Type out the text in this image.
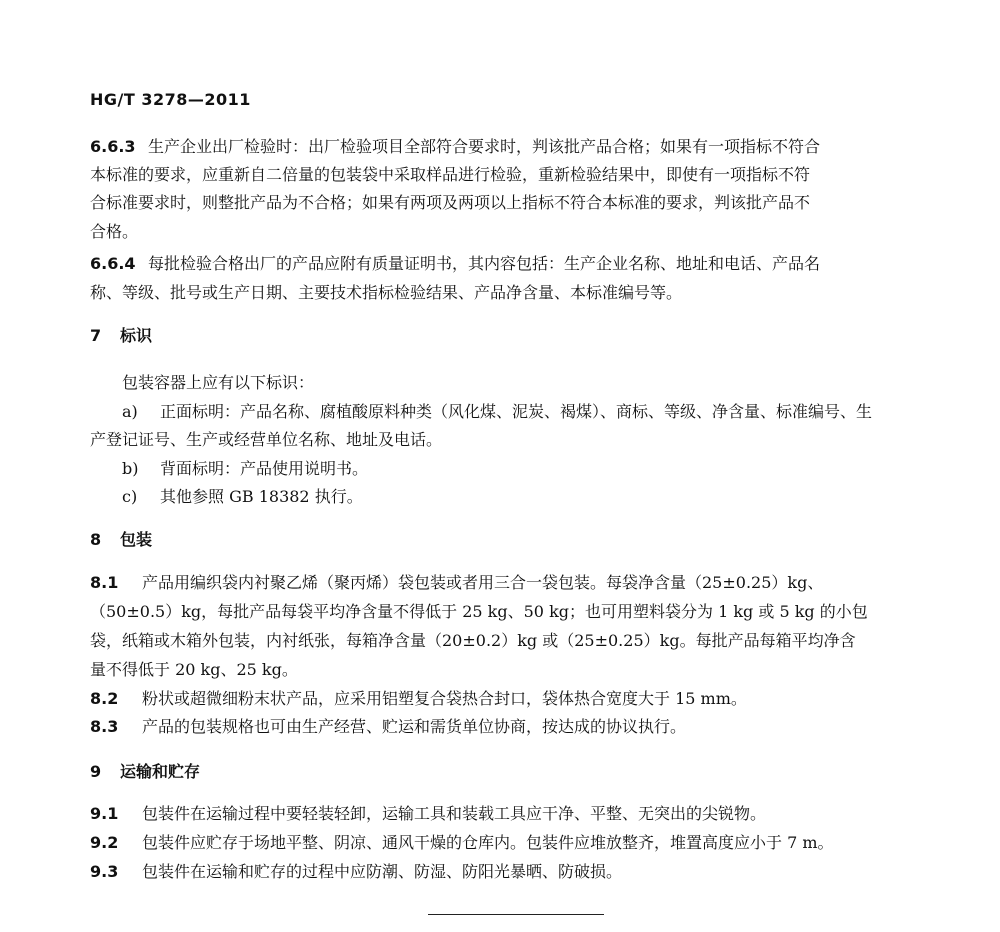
HG/T 3278—2011
6.6.3 生产企业出厂检验时：出厂检验项目全部符合要求时，判该批产品合格；如果有一项指标不符合
本标准的要求，应重新自二倍量的包装袋中采取样品进行检验，重新检验结果中，即使有一项指标不符
合标准要求时，则整批产品为不合格；如果有两项及两项以上指标不符合本标准的要求，判该批产品不
合格。
6.6.4 每批检验合格出厂的产品应附有质量证明书，其内容包括：生产企业名称、地址和电话、产品名
称、等级、批号或生产日期、主要技术指标检验结果、产品净含量、本标准编号等。
7 标识
包装容器上应有以下标识：
a) 正面标明：产品名称、腐植酸原料种类（风化煤、泥炭、褐煤）、商标、等级、净含量、标准编号、生
产登记证号、生产或经营单位名称、地址及电话。
b) 背面标明：产品使用说明书。
c) 其他参照 GB 18382 执行。
8 包装
8.1 产品用编织袋内衬聚乙烯（聚丙烯）袋包装或者用三合一袋包装。每袋净含量（25±0.25）kg、
（50±0.5）kg，每批产品每袋平均净含量不得低于 25 kg、50 kg；也可用塑料袋分为 1 kg 或 5 kg 的小包
袋，纸箱或木箱外包装，内衬纸张，每箱净含量（20±0.2）kg 或（25±0.25）kg。每批产品每箱平均净含
量不得低于 20 kg、25 kg。
8.2 粉状或超微细粉末状产品，应采用铝塑复合袋热合封口，袋体热合宽度大于 15 mm。
8.3 产品的包装规格也可由生产经营、贮运和需货单位协商，按达成的协议执行。
9 运输和贮存
9.1 包装件在运输过程中要轻装轻卸，运输工具和装载工具应干净、平整、无突出的尖锐物。
9.2 包装件应贮存于场地平整、阴凉、通风干燥的仓库内。包装件应堆放整齐，堆置高度应小于 7 m。
9.3 包装件在运输和贮存的过程中应防潮、防湿、防阳光暴晒、防破损。
